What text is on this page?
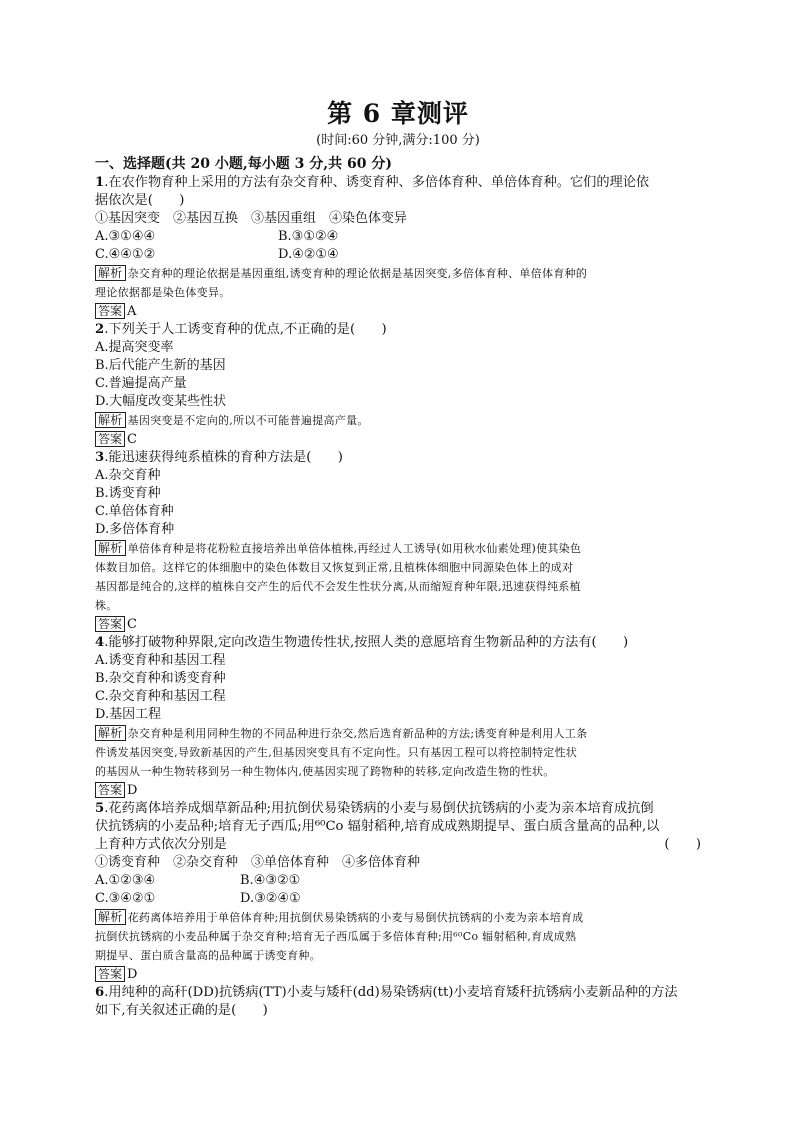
第 6 章测评

(时间:60 分钟,满分:100 分)

一、选择题(共 20 小题,每小题 3 分,共 60 分)

1.在农作物育种上采用的方法有杂交育种、诱变育种、多倍体育种、单倍体育种。它们的理论依

据依次是(　　)

①基因突变　②基因互换　③基因重组　④染色体变异

A.③①④④	B.③①②④
C.④④①②	D.④②①④

解析 杂交育种的理论依据是基因重组,诱变育种的理论依据是基因突变,多倍体育种、单倍体育种的

理论依据都是染色体变异。

答案 A

2.下列关于人工诱变育种的优点,不正确的是(　　)

A.提高突变率

B.后代能产生新的基因

C.普遍提高产量

D.大幅度改变某些性状

解析 基因突变是不定向的,所以不可能普遍提高产量。

答案 C

3.能迅速获得纯系植株的育种方法是(　　)

A.杂交育种

B.诱变育种

C.单倍体育种

D.多倍体育种

解析 单倍体育种是将花粉粒直接培养出单倍体植株,再经过人工诱导(如用秋水仙素处理)使其染色

体数目加倍。这样它的体细胞中的染色体数目又恢复到正常,且植株体细胞中同源染色体上的成对

基因都是纯合的,这样的植株自交产生的后代不会发生性状分离,从而缩短育种年限,迅速获得纯系植

株。

答案 C

4.能够打破物种界限,定向改造生物遗传性状,按照人类的意愿培育生物新品种的方法有(　　)

A.诱变育种和基因工程

B.杂交育种和诱变育种

C.杂交育种和基因工程

D.基因工程

解析 杂交育种是利用同种生物的不同品种进行杂交,然后选育新品种的方法;诱变育种是利用人工条

件诱发基因突变,导致新基因的产生,但基因突变具有不定向性。只有基因工程可以将控制特定性状

的基因从一种生物转移到另一种生物体内,使基因实现了跨物种的转移,定向改造生物的性状。

答案 D

5.花药离体培养成烟草新品种;用抗倒伏易染锈病的小麦与易倒伏抗锈病的小麦为亲本培育成抗倒

伏抗锈病的小麦品种;培育无子西瓜;用⁶⁰Co 辐射稻种,培育成成熟期提早、蛋白质含量高的品种,以

上育种方式依次分别是	(　　)

①诱变育种　②杂交育种　③单倍体育种　④多倍体育种

A.①②③④	B.④③②①
C.③④②①	D.③②④①

解析 花药离体培养用于单倍体育种;用抗倒伏易染锈病的小麦与易倒伏抗锈病的小麦为亲本培育成

抗倒伏抗锈病的小麦品种属于杂交育种;培育无子西瓜属于多倍体育种;用⁶⁰Co 辐射稻种,育成成熟

期提早、蛋白质含量高的品种属于诱变育种。

答案 D

6.用纯种的高秆(DD)抗锈病(TT)小麦与矮秆(dd)易染锈病(tt)小麦培育矮秆抗锈病小麦新品种的方法

如下,有关叙述正确的是(　　)
